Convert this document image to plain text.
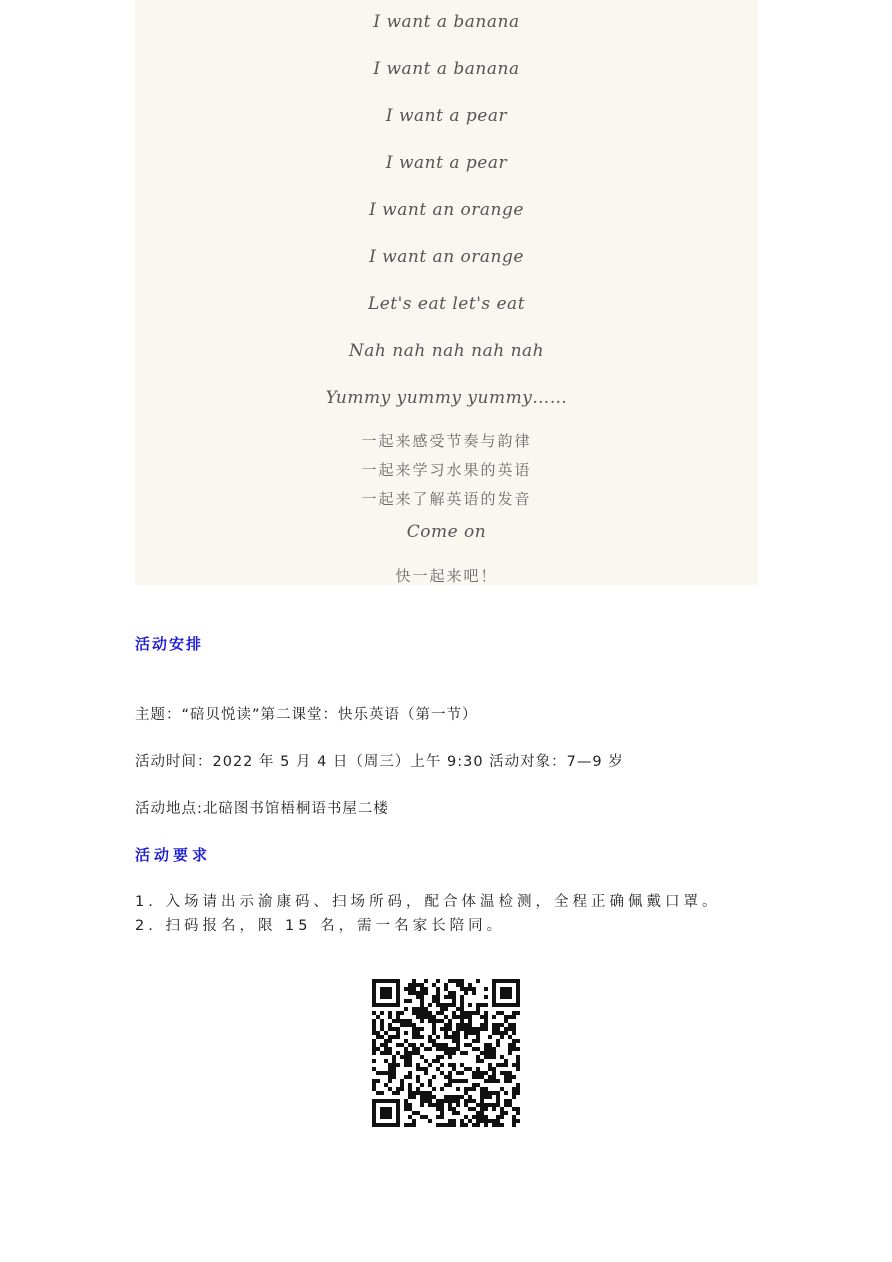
I want a banana
I want a banana
I want a pear
I want a pear
I want an orange
I want an orange
Let's eat let's eat
Nah nah nah nah nah
Yummy yummy yummy……
一起来感受节奏与韵律
一起来学习水果的英语
一起来了解英语的发音
Come on
快一起来吧！
活动安排
主题：“碚贝悦读”第二课堂：快乐英语（第一节）
活动时间：2022 年 5 月 4 日（周三）上午 9:30 活动对象：7—9 岁
活动地点:北碚图书馆梧桐语书屋二楼
活动要求
1. 入场请出示渝康码、扫场所码，配合体温检测，全程正确佩戴口罩。
2. 扫码报名，限 15 名，需一名家长陪同。
